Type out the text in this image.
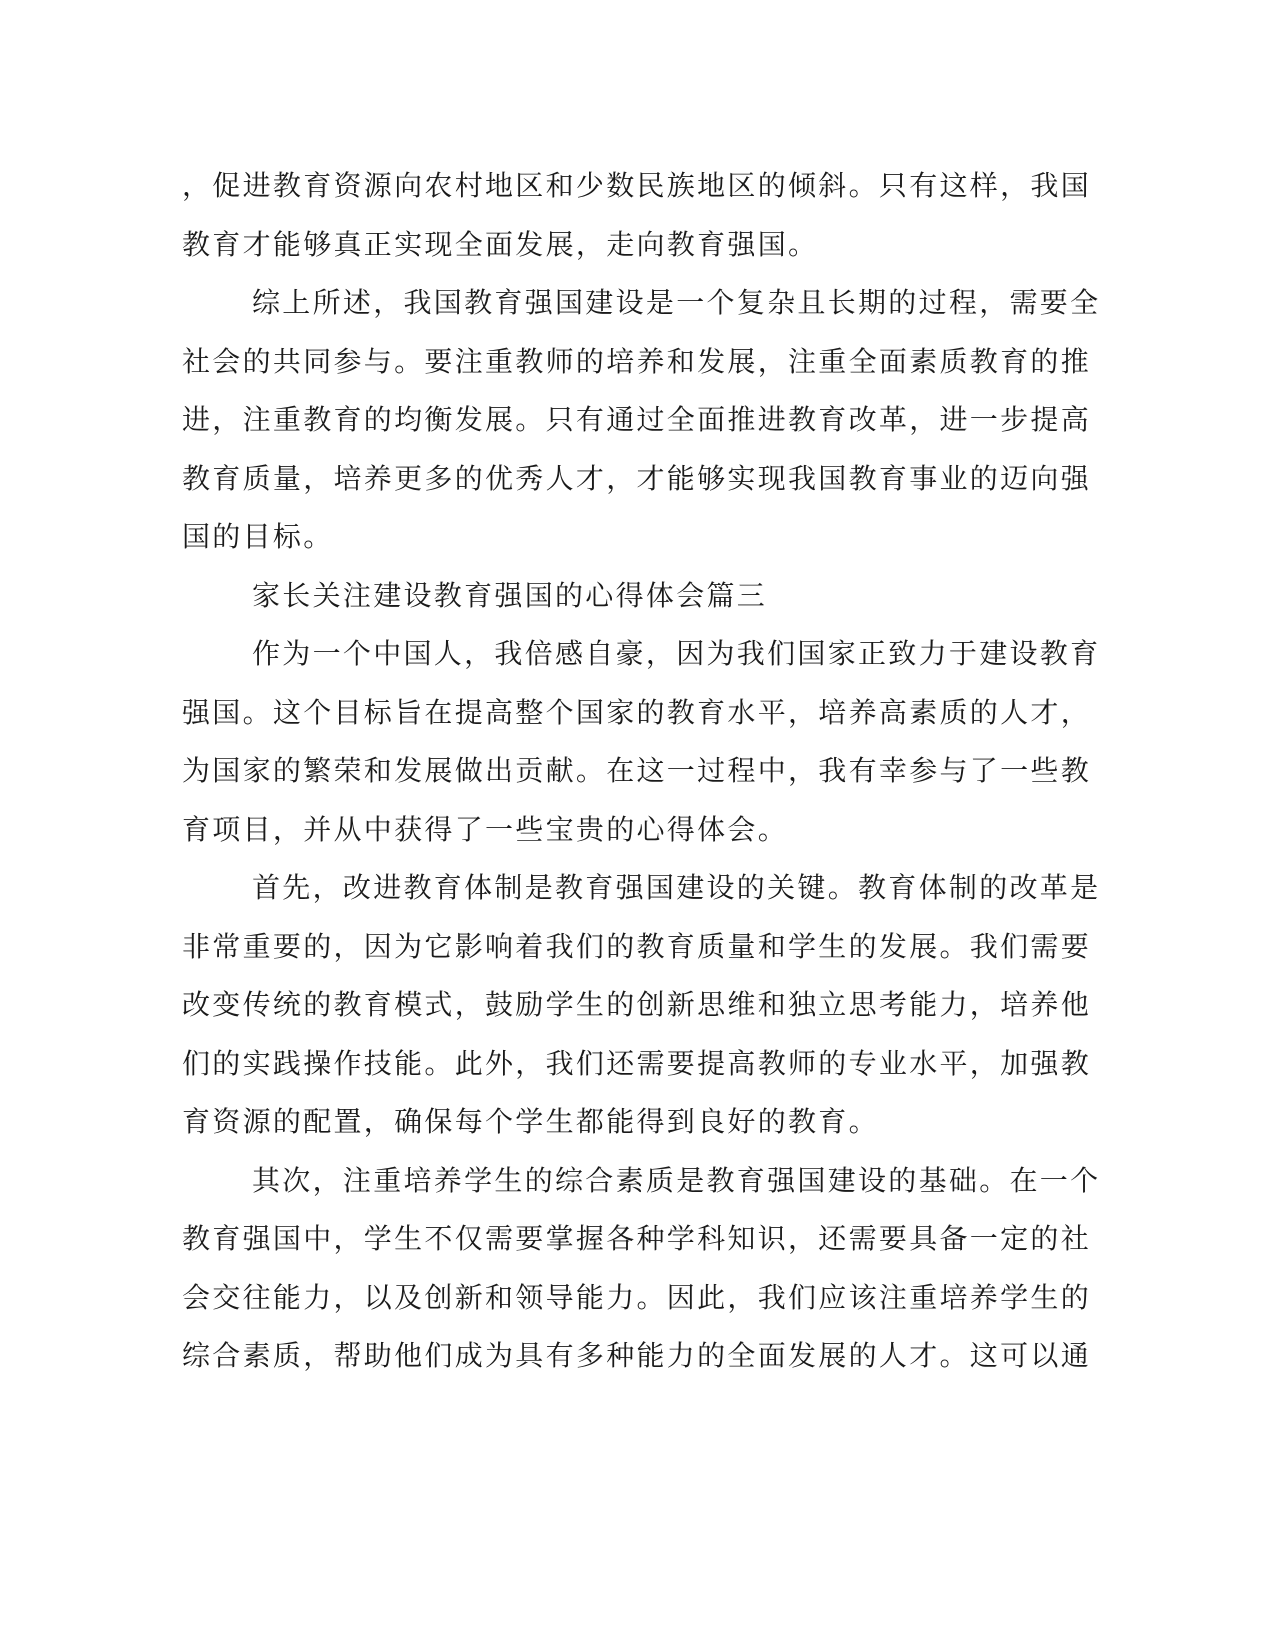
，促进教育资源向农村地区和少数民族地区的倾斜。只有这样，我国
教育才能够真正实现全面发展，走向教育强国。
综上所述，我国教育强国建设是一个复杂且长期的过程，需要全
社会的共同参与。要注重教师的培养和发展，注重全面素质教育的推
进，注重教育的均衡发展。只有通过全面推进教育改革，进一步提高
教育质量，培养更多的优秀人才，才能够实现我国教育事业的迈向强
国的目标。
家长关注建设教育强国的心得体会篇三
作为一个中国人，我倍感自豪，因为我们国家正致力于建设教育
强国。这个目标旨在提高整个国家的教育水平，培养高素质的人才，
为国家的繁荣和发展做出贡献。在这一过程中，我有幸参与了一些教
育项目，并从中获得了一些宝贵的心得体会。
首先，改进教育体制是教育强国建设的关键。教育体制的改革是
非常重要的，因为它影响着我们的教育质量和学生的发展。我们需要
改变传统的教育模式，鼓励学生的创新思维和独立思考能力，培养他
们的实践操作技能。此外，我们还需要提高教师的专业水平，加强教
育资源的配置，确保每个学生都能得到良好的教育。
其次，注重培养学生的综合素质是教育强国建设的基础。在一个
教育强国中，学生不仅需要掌握各种学科知识，还需要具备一定的社
会交往能力，以及创新和领导能力。因此，我们应该注重培养学生的
综合素质，帮助他们成为具有多种能力的全面发展的人才。这可以通
